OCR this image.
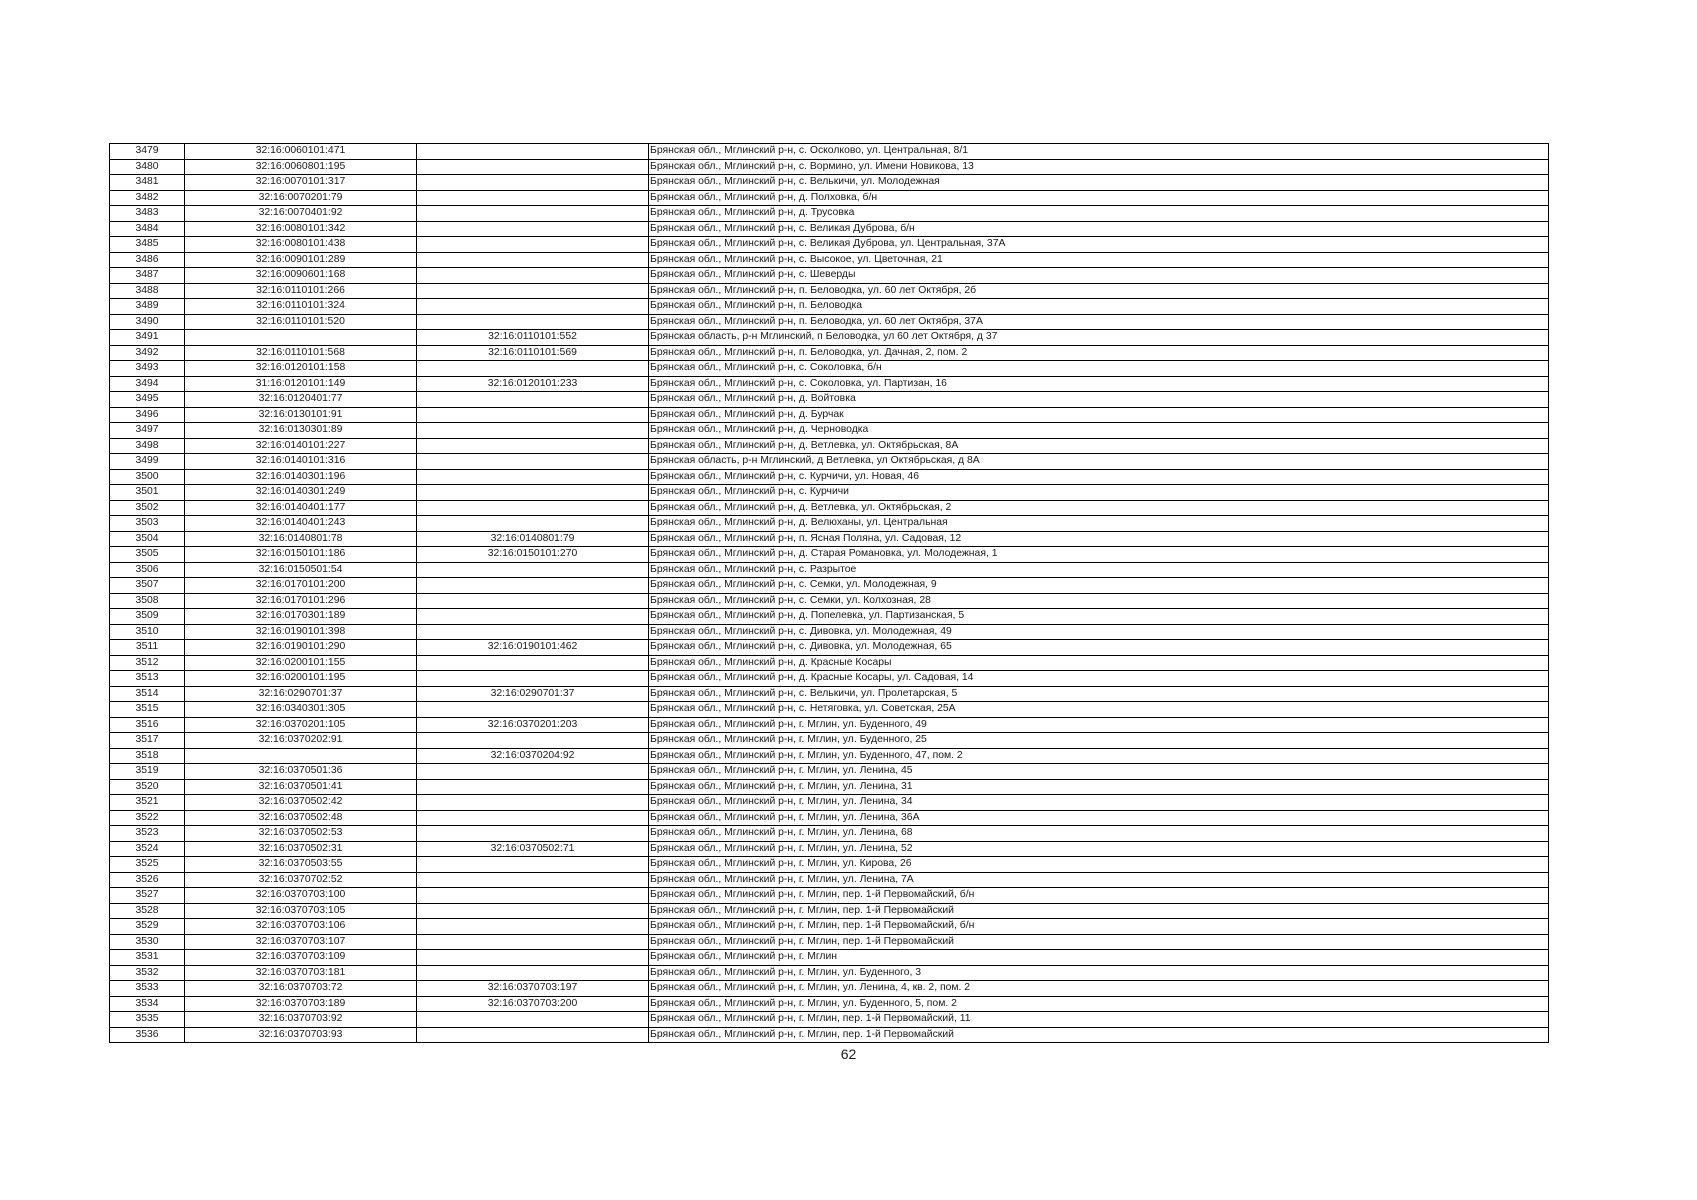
3479	32:16:0060101:471		Брянская обл., Мглинский р-н, с. Осколково, ул. Центральная, 8/1
3480	32:16:0060801:195		Брянская обл., Мглинский р-н, с. Вормино, ул. Имени Новикова, 13
3481	32:16:0070101:317		Брянская обл., Мглинский р-н, с. Велькичи, ул. Молодежная
3482	32:16:0070201:79		Брянская обл., Мглинский р-н, д. Полховка, б/н
3483	32:16:0070401:92		Брянская обл., Мглинский р-н, д. Трусовка
3484	32:16:0080101:342		Брянская обл., Мглинский р-н, с. Великая Дуброва, б/н
3485	32:16:0080101:438		Брянская обл., Мглинский р-н, с. Великая Дуброва, ул. Центральная, 37А
3486	32:16:0090101:289		Брянская обл., Мглинский р-н, с. Высокое, ул. Цветочная, 21
3487	32:16:0090601:168		Брянская обл., Мглинский р-н, с. Шеверды
3488	32:16:0110101:266		Брянская обл., Мглинский р-н, п. Беловодка, ул. 60 лет Октября, 2б
3489	32:16:0110101:324		Брянская обл., Мглинский р-н, п. Беловодка
3490	32:16:0110101:520		Брянская обл., Мглинский р-н, п. Беловодка, ул. 60 лет Октября, 37А
3491		32:16:0110101:552	Брянская область, р-н Мглинский, п Беловодка, ул 60 лет Октября, д 37
3492	32:16:0110101:568	32:16:0110101:569	Брянская обл., Мглинский р-н, п. Беловодка, ул. Дачная, 2, пом. 2
3493	32:16:0120101:158		Брянская обл., Мглинский р-н, с. Соколовка, б/н
3494	31:16:0120101:149	32:16:0120101:233	Брянская обл., Мглинский р-н, с. Соколовка, ул. Партизан, 16
3495	32:16:0120401:77		Брянская обл., Мглинский р-н, д. Войтовка
3496	32:16:0130101:91		Брянская обл., Мглинский р-н, д. Бурчак
3497	32:16:0130301:89		Брянская обл., Мглинский р-н, д. Черноводка
3498	32:16:0140101:227		Брянская обл., Мглинский р-н, д. Ветлевка, ул. Октябрьская, 8А
3499	32:16:0140101:316		Брянская область, р-н Мглинский, д Ветлевка, ул Октябрьская, д 8А
3500	32:16:0140301:196		Брянская обл., Мглинский р-н, с. Курчичи, ул. Новая, 46
3501	32:16:0140301:249		Брянская обл., Мглинский р-н, с. Курчичи
3502	32:16:0140401:177		Брянская обл., Мглинский р-н, д. Ветлевка, ул. Октябрьская, 2
3503	32:16:0140401:243		Брянская обл., Мглинский р-н, д. Велюханы, ул. Центральная
3504	32:16:0140801:78	32:16:0140801:79	Брянская обл., Мглинский р-н, п. Ясная Поляна, ул. Садовая, 12
3505	32:16:0150101:186	32:16:0150101:270	Брянская обл., Мглинский р-н, д. Старая Романовка, ул. Молодежная, 1
3506	32:16:0150501:54		Брянская обл., Мглинский р-н, с. Разрытое
3507	32:16:0170101:200		Брянская обл., Мглинский р-н, с. Семки, ул. Молодежная, 9
3508	32:16:0170101:296		Брянская обл., Мглинский р-н, с. Семки, ул. Колхозная, 28
3509	32:16:0170301:189		Брянская обл., Мглинский р-н, д. Попелевка, ул. Партизанская, 5
3510	32:16:0190101:398		Брянская обл., Мглинский р-н, с. Дивовка, ул. Молодежная, 49
3511	32:16:0190101:290	32:16:0190101:462	Брянская обл., Мглинский р-н, с. Дивовка, ул. Молодежная, 65
3512	32:16:0200101:155		Брянская обл., Мглинский р-н, д. Красные Косары
3513	32:16:0200101:195		Брянская обл., Мглинский р-н, д. Красные Косары, ул. Садовая, 14
3514	32:16:0290701:37	32:16:0290701:37	Брянская обл., Мглинский р-н, с. Велькичи, ул. Пролетарская, 5
3515	32:16:0340301:305		Брянская обл., Мглинский р-н, с. Нетяговка, ул. Советская, 25А
3516	32:16:0370201:105	32:16:0370201:203	Брянская обл., Мглинский р-н, г. Мглин, ул. Буденного, 49
3517	32:16:0370202:91		Брянская обл., Мглинский р-н, г. Мглин, ул. Буденного, 25
3518		32:16:0370204:92	Брянская обл., Мглинский р-н, г. Мглин, ул. Буденного, 47, пом. 2
3519	32:16:0370501:36		Брянская обл., Мглинский р-н, г. Мглин, ул. Ленина, 45
3520	32:16:0370501:41		Брянская обл., Мглинский р-н, г. Мглин, ул. Ленина, 31
3521	32:16:0370502:42		Брянская обл., Мглинский р-н, г. Мглин, ул. Ленина, 34
3522	32:16:0370502:48		Брянская обл., Мглинский р-н, г. Мглин, ул. Ленина, 36А
3523	32:16:0370502:53		Брянская обл., Мглинский р-н, г. Мглин, ул. Ленина, 68
3524	32:16:0370502:31	32:16:0370502:71	Брянская обл., Мглинский р-н, г. Мглин, ул. Ленина, 52
3525	32:16:0370503:55		Брянская обл., Мглинский р-н, г. Мглин, ул. Кирова, 26
3526	32:16:0370702:52		Брянская обл., Мглинский р-н, г. Мглин, ул. Ленина, 7А
3527	32:16:0370703:100		Брянская обл., Мглинский р-н, г. Мглин, пер. 1-й Первомайский, б/н
3528	32:16:0370703:105		Брянская обл., Мглинский р-н, г. Мглин, пер. 1-й Первомайский
3529	32:16:0370703:106		Брянская обл., Мглинский р-н, г. Мглин, пер. 1-й Первомайский, б/н
3530	32:16:0370703:107		Брянская обл., Мглинский р-н, г. Мглин, пер. 1-й Первомайский
3531	32:16:0370703:109		Брянская обл., Мглинский р-н, г. Мглин
3532	32:16:0370703:181		Брянская обл., Мглинский р-н, г. Мглин, ул. Буденного, 3
3533	32:16:0370703:72	32:16:0370703:197	Брянская обл., Мглинский р-н, г. Мглин, ул. Ленина, 4, кв. 2, пом. 2
3534	32:16:0370703:189	32:16:0370703:200	Брянская обл., Мглинский р-н, г. Мглин, ул. Буденного, 5, пом. 2
3535	32:16:0370703:92		Брянская обл., Мглинский р-н, г. Мглин, пер. 1-й Первомайский, 11
3536	32:16:0370703:93		Брянская обл., Мглинский р-н, г. Мглин, пер. 1-й Первомайский
62
